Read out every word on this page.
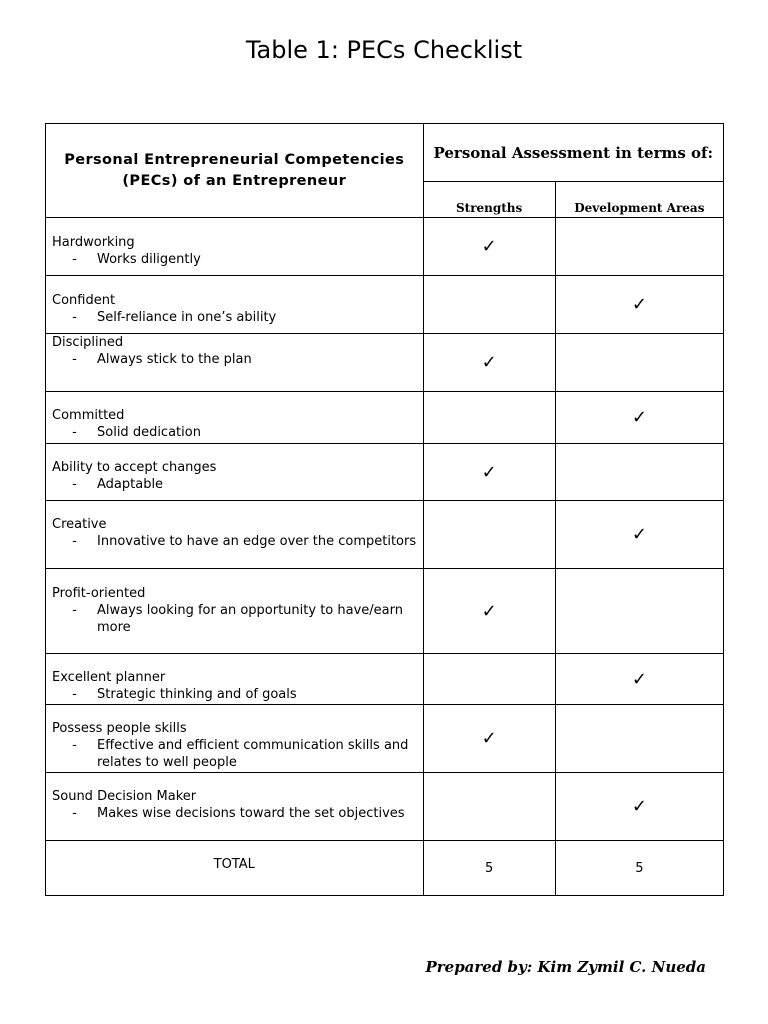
Table 1: PECs Checklist
Personal Entrepreneurial Competencies (PECs) of an Entrepreneur	Personal Assessment in terms of:	
	Strengths	Development Areas

Hardworking
- Works diligently	✓	

Confident
- Self-reliance in one’s ability		✓

Disciplined
- Always stick to the plan	✓	

Committed
- Solid dedication		✓

Ability to accept changes
- Adaptable	✓	

Creative
- Innovative to have an edge over the competitors		✓

Profit-oriented
- Always looking for an opportunity to have/earn more	✓	

Excellent planner
- Strategic thinking and of goals		✓

Possess people skills
- Effective and efficient communication skills and relates to well people	✓	

Sound Decision Maker
- Makes wise decisions toward the set objectives		✓
TOTAL	5	5
Prepared by: Kim Zymil C. Nueda
